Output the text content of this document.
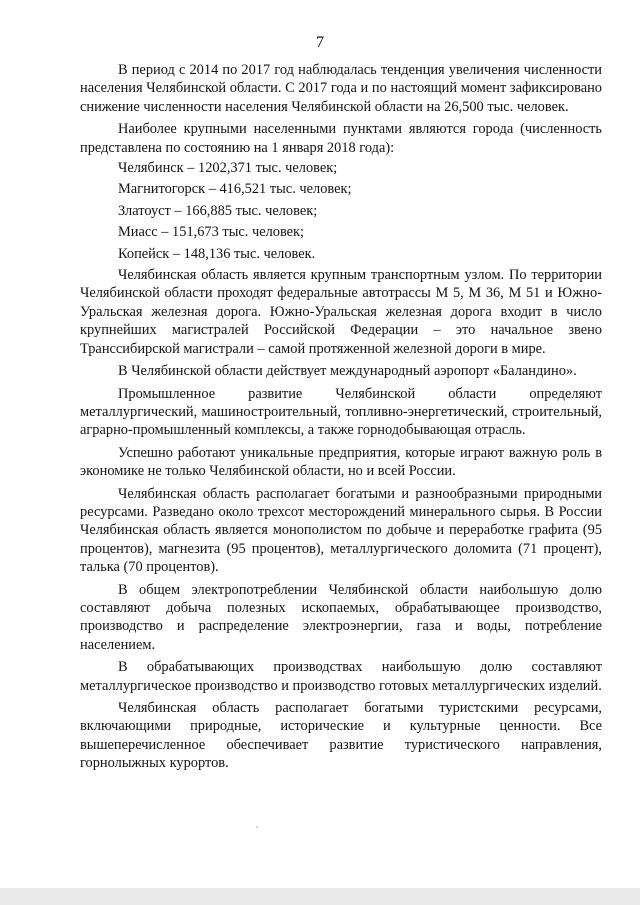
7

В период с 2014 по 2017 год наблюдалась тенденция увеличения численности населения Челябинской области. С 2017 года и по настоящий момент зафиксировано снижение численности населения Челябинской области на 26,500 тыс. человек.

Наиболее крупными населенными пунктами являются города (численность представлена по состоянию на 1 января 2018 года):

Челябинск – 1202,371 тыс. человек;
Магнитогорск – 416,521 тыс. человек;
Златоуст – 166,885 тыс. человек;
Миасс – 151,673 тыс. человек;
Копейск – 148,136 тыс. человек.

Челябинская область является крупным транспортным узлом. По территории Челябинской области проходят федеральные автотрассы М 5, М 36, М 51 и Южно-Уральская железная дорога. Южно-Уральская железная дорога входит в число крупнейших магистралей Российской Федерации – это начальное звено Транссибирской магистрали – самой протяженной железной дороги в мире.

В Челябинской области действует международный аэропорт «Баландино».

Промышленное развитие Челябинской области определяют металлургический, машиностроительный, топливно-энергетический, строительный, аграрно-промышленный комплексы, а также горнодобывающая отрасль.

Успешно работают уникальные предприятия, которые играют важную роль в экономике не только Челябинской области, но и всей России.

Челябинская область располагает богатыми и разнообразными природными ресурсами. Разведано около трехсот месторождений минерального сырья. В России Челябинская область является монополистом по добыче и переработке графита (95 процентов), магнезита (95 процентов), металлургического доломита (71 процент), талька (70 процентов).

В общем электропотреблении Челябинской области наибольшую долю составляют добыча полезных ископаемых, обрабатывающее производство, производство и распределение электроэнергии, газа и воды, потребление населением.

В обрабатывающих производствах наибольшую долю составляют металлургическое производство и производство готовых металлургических изделий.

Челябинская область располагает богатыми туристскими ресурсами, включающими природные, исторические и культурные ценности. Все вышеперечисленное обеспечивает развитие туристического направления, горнолыжных курортов.
